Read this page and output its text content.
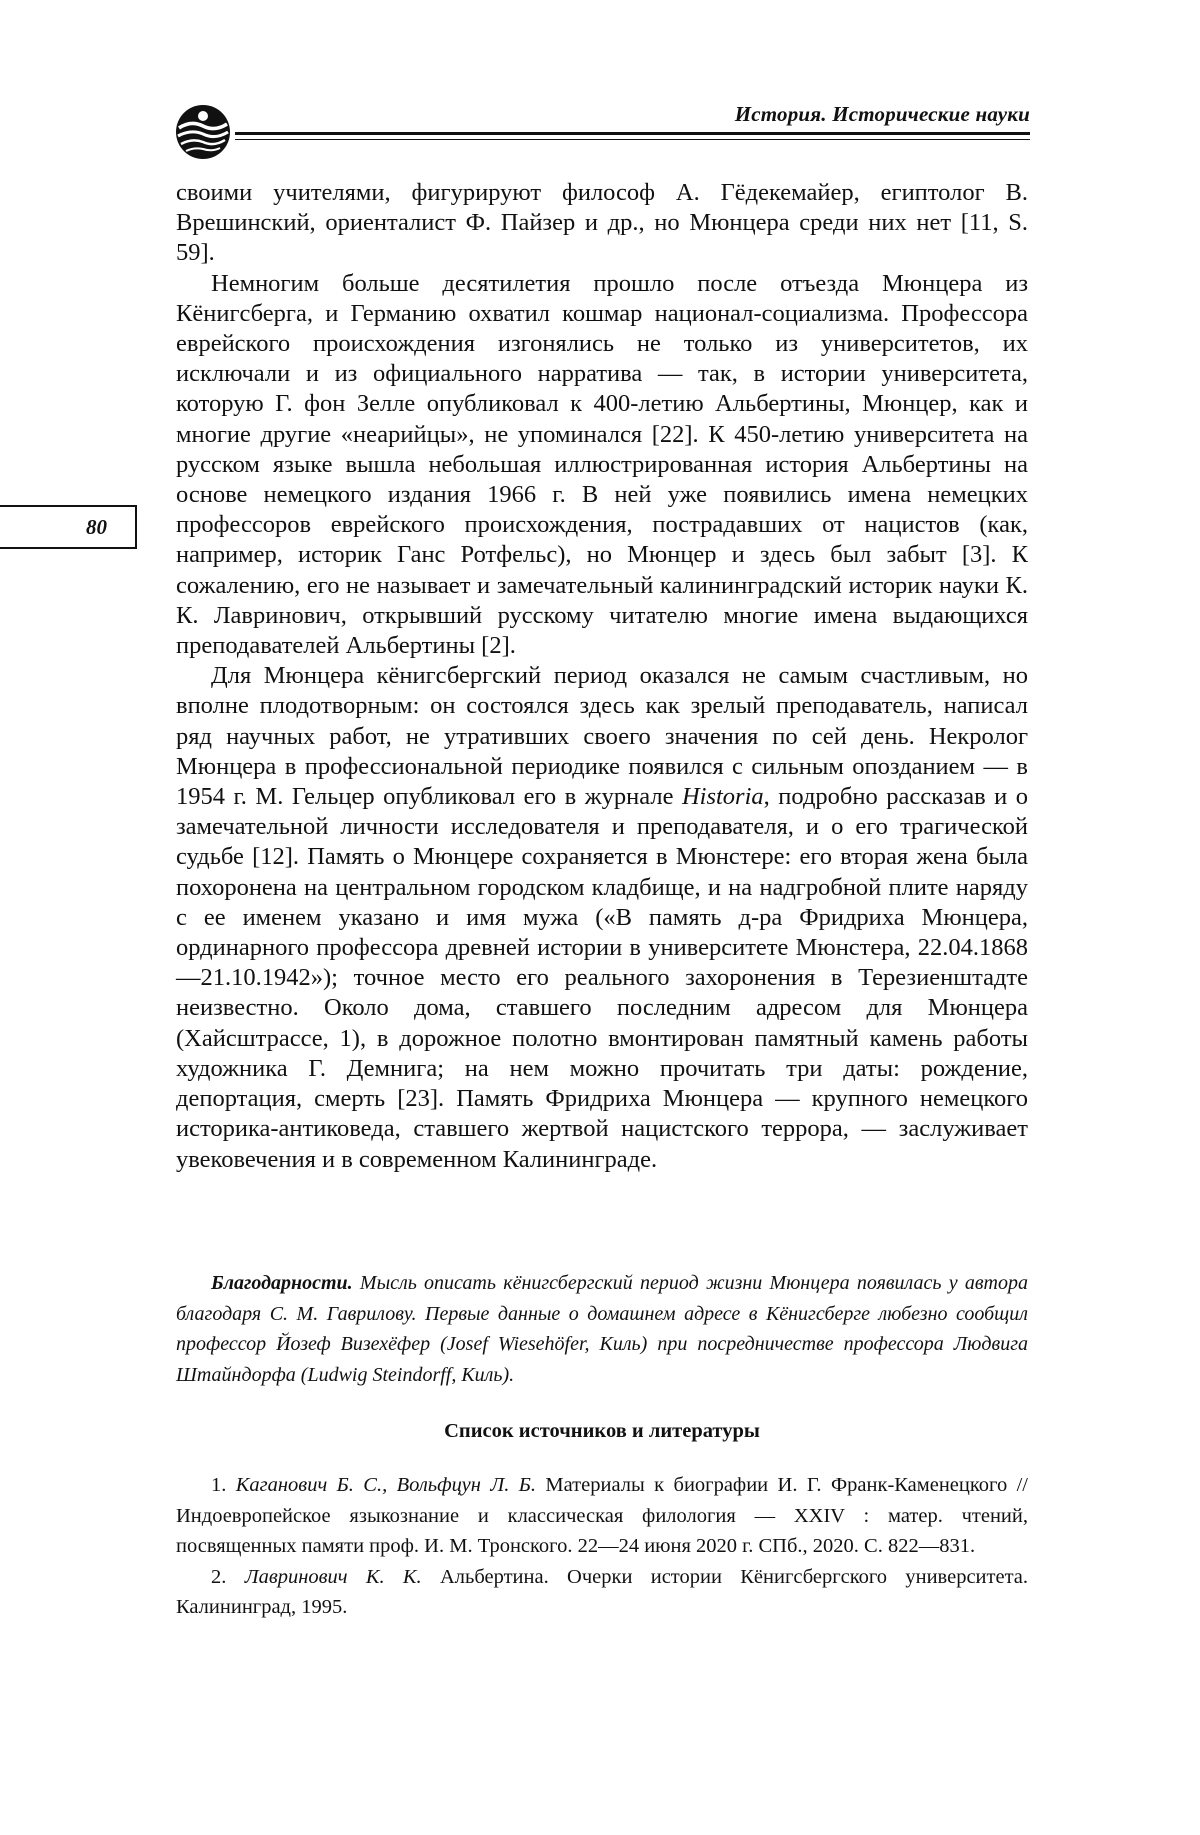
История. Исторические науки
80

своими учителями, фигурируют философ А. Гёдекемайер, египтолог В. Врешинский, ориенталист Ф. Пайзер и др., но Мюнцера среди них нет [11, S. 59].

Немногим больше десятилетия прошло после отъезда Мюнцера из Кёнигсберга, и Германию охватил кошмар национал-социализма. Профессора еврейского происхождения изгонялись не только из университетов, их исключали и из официального нарратива — так, в истории университета, которую Г. фон Зелле опубликовал к 400-летию Альбертины, Мюнцер, как и многие другие «неарийцы», не упоминался [22]. К 450-летию университета на русском языке вышла небольшая иллюстрированная история Альбертины на основе немецкого издания 1966 г. В ней уже появились имена немецких профессоров еврейского происхождения, пострадавших от нацистов (как, например, историк Ганс Ротфельс), но Мюнцер и здесь был забыт [3]. К сожалению, его не называет и замечательный калининградский историк науки К. К. Лавринович, открывший русскому читателю многие имена выдающихся преподавателей Альбертины [2].

Для Мюнцера кёнигсбергский период оказался не самым счастливым, но вполне плодотворным: он состоялся здесь как зрелый преподаватель, написал ряд научных работ, не утративших своего значения по сей день. Некролог Мюнцера в профессиональной периодике появился с сильным опозданием — в 1954 г. М. Гельцер опубликовал его в журнале Historia, подробно рассказав и о замечательной личности исследователя и преподавателя, и о его трагической судьбе [12]. Память о Мюнцере сохраняется в Мюнстере: его вторая жена была похоронена на центральном городском кладбище, и на надгробной плите наряду с ее именем указано и имя мужа («В память д-ра Фридриха Мюнцера, ординарного профессора древней истории в университете Мюнстера, 22.04.1868—21.10.1942»); точное место его реального захоронения в Терезиенштадте неизвестно. Около дома, ставшего последним адресом для Мюнцера (Хайсштрассе, 1), в дорожное полотно вмонтирован памятный камень работы художника Г. Демнига; на нем можно прочитать три даты: рождение, депортация, смерть [23]. Память Фридриха Мюнцера — крупного немецкого историка-антиковеда, ставшего жертвой нацистского террора, — заслуживает увековечения и в современном Калининграде.

Благодарности. Мысль описать кёнигсбергский период жизни Мюнцера появилась у автора благодаря С. М. Гаврилову. Первые данные о домашнем адресе в Кёнигсберге любезно сообщил профессор Йозеф Визехёфер (Josef Wiesehöfer, Киль) при посредничестве профессора Людвига Штайндорфа (Ludwig Steindorff, Киль).
Список источников и литературы

1. Каганович Б. С., Вольфцун Л. Б. Материалы к биографии И. Г. Франк-Каменецкого // Индоевропейское языкознание и классическая филология — XXIV : матер. чтений, посвященных памяти проф. И. М. Тронского. 22—24 июня 2020 г. СПб., 2020. С. 822—831.

2. Лавринович К. К. Альбертина. Очерки истории Кёнигсбергского университета. Калининград, 1995.
